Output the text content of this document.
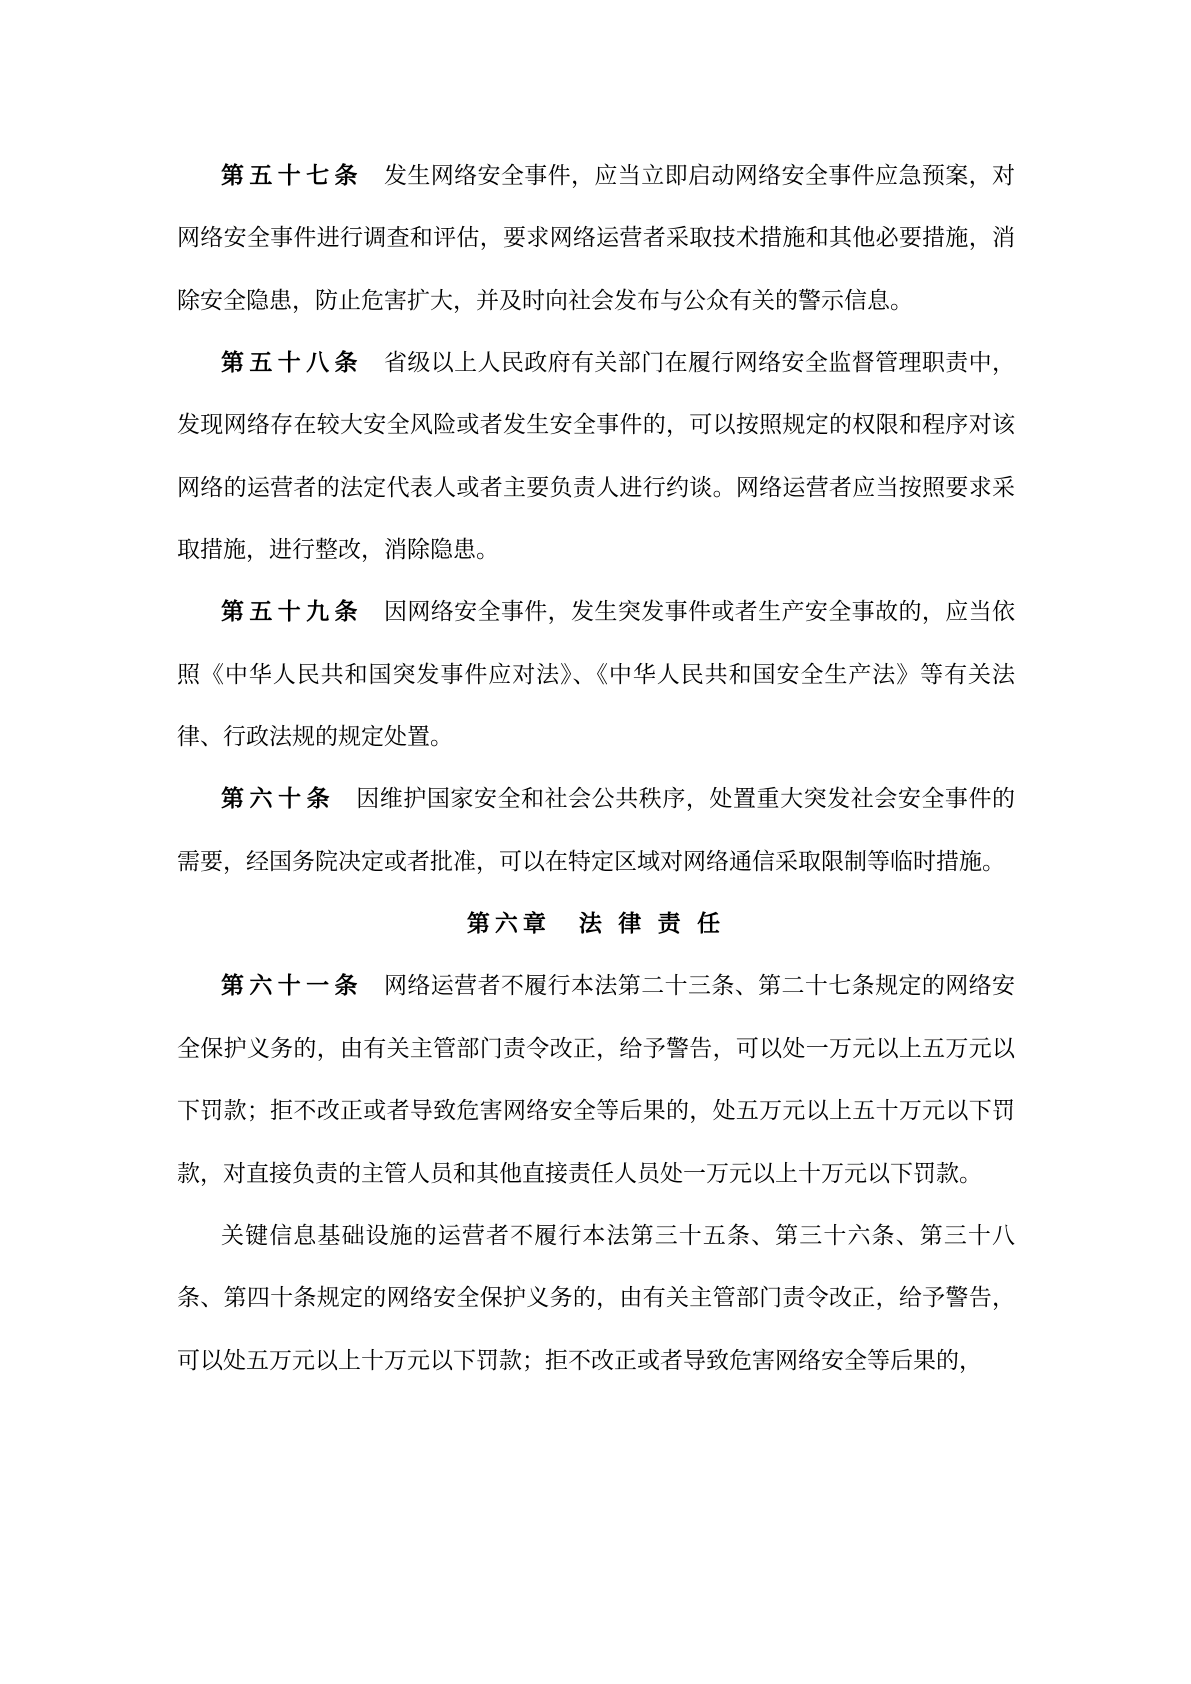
第五十七条 发生网络安全事件，应当立即启动网络安全事件应急预案，对网络安全事件进行调查和评估，要求网络运营者采取技术措施和其他必要措施，消除安全隐患，防止危害扩大，并及时向社会发布与公众有关的警示信息。

第五十八条 省级以上人民政府有关部门在履行网络安全监督管理职责中，发现网络存在较大安全风险或者发生安全事件的，可以按照规定的权限和程序对该网络的运营者的法定代表人或者主要负责人进行约谈。网络运营者应当按照要求采取措施，进行整改，消除隐患。

第五十九条 因网络安全事件，发生突发事件或者生产安全事故的，应当依照《中华人民共和国突发事件应对法》、《中华人民共和国安全生产法》等有关法律、行政法规的规定处置。

第六十条 因维护国家安全和社会公共秩序，处置重大突发社会安全事件的需要，经国务院决定或者批准，可以在特定区域对网络通信采取限制等临时措施。

第六章　法 律 责 任

第六十一条 网络运营者不履行本法第二十三条、第二十七条规定的网络安全保护义务的，由有关主管部门责令改正，给予警告，可以处一万元以上五万元以下罚款；拒不改正或者导致危害网络安全等后果的，处五万元以上五十万元以下罚款，对直接负责的主管人员和其他直接责任人员处一万元以上十万元以下罚款。

关键信息基础设施的运营者不履行本法第三十五条、第三十六条、第三十八条、第四十条规定的网络安全保护义务的，由有关主管部门责令改正，给予警告，可以处五万元以上十万元以下罚款；拒不改正或者导致危害网络安全等后果的，
